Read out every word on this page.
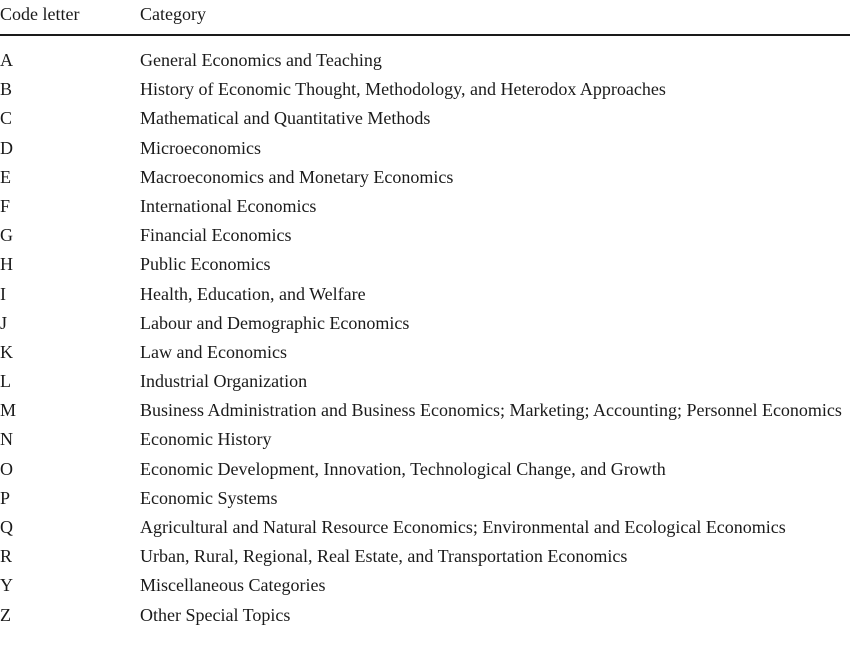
Code letter	Category
A	General Economics and Teaching
B	History of Economic Thought, Methodology, and Heterodox Approaches
C	Mathematical and Quantitative Methods
D	Microeconomics
E	Macroeconomics and Monetary Economics
F	International Economics
G	Financial Economics
H	Public Economics
I	Health, Education, and Welfare
J	Labour and Demographic Economics
K	Law and Economics
L	Industrial Organization
M	Business Administration and Business Economics; Marketing; Accounting; Personnel Economics
N	Economic History
O	Economic Development, Innovation, Technological Change, and Growth
P	Economic Systems
Q	Agricultural and Natural Resource Economics; Environmental and Ecological Economics
R	Urban, Rural, Regional, Real Estate, and Transportation Economics
Y	Miscellaneous Categories
Z	Other Special Topics
